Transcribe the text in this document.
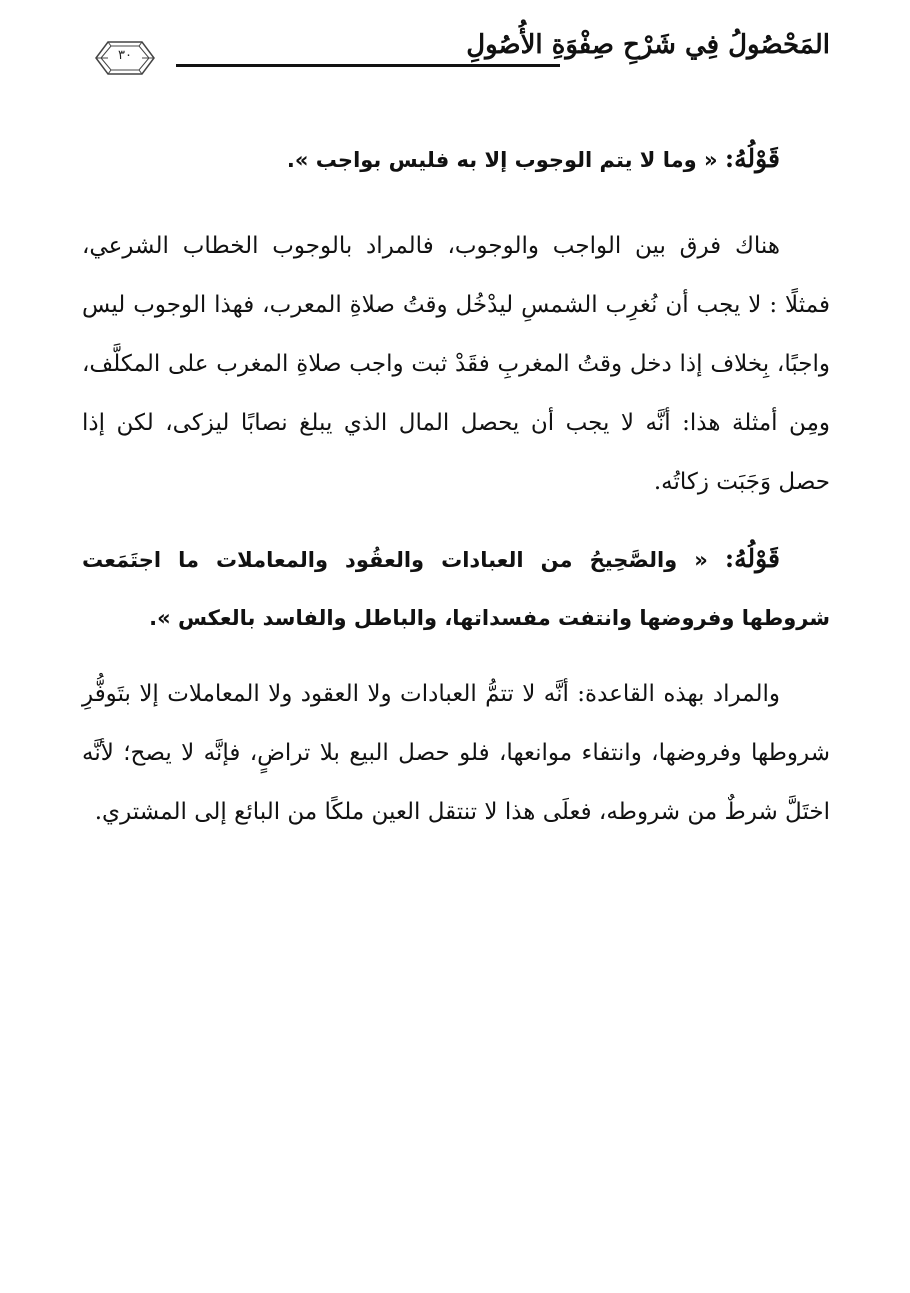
المَحْصُولُ فِي شَرْحِ صِفْوَةِ الأُصُولِ
٣٠

قَوْلُهُ: « وما لا يتم الوجوب إلا به فليس بواجب ».

هناك فرق بين الواجب والوجوب، فالمراد بالوجوب الخطاب الشرعي، فمثلًا : لا يجب أن نُغرِب الشمسِ ليدْخُل وقتُ صلاةِ المعرب، فهذا الوجوب ليس واجبًا، بِخلاف إذا دخل وقتُ المغربِ فقَدْ ثبت واجب صلاةِ المغرب على المكلَّف، ومِن أمثلة هذا: أنَّه لا يجب أن يحصل المال الذي يبلغ نصابًا ليزكى، لكن إذا حصل وَجَبَت زكاتُه.

قَوْلُهُ: « والصَّحِيحُ من العبادات والعقُود والمعاملات ما اجتَمَعت شروطها وفروضها وانتفت مفسداتها، والباطل والفاسد بالعكس ».

والمراد بهذه القاعدة: أنَّه لا تتمُّ العبادات ولا العقود ولا المعاملات إلا بتَوفُّرِ شروطها وفروضها، وانتفاء موانعها، فلو حصل البيع بلا تراضٍ، فإنَّه لا يصح؛ لأنَّه اختَلَّ شرطٌ من شروطه، فعلَى هذا لا تنتقل العين ملكًا من البائع إلى المشتري.
